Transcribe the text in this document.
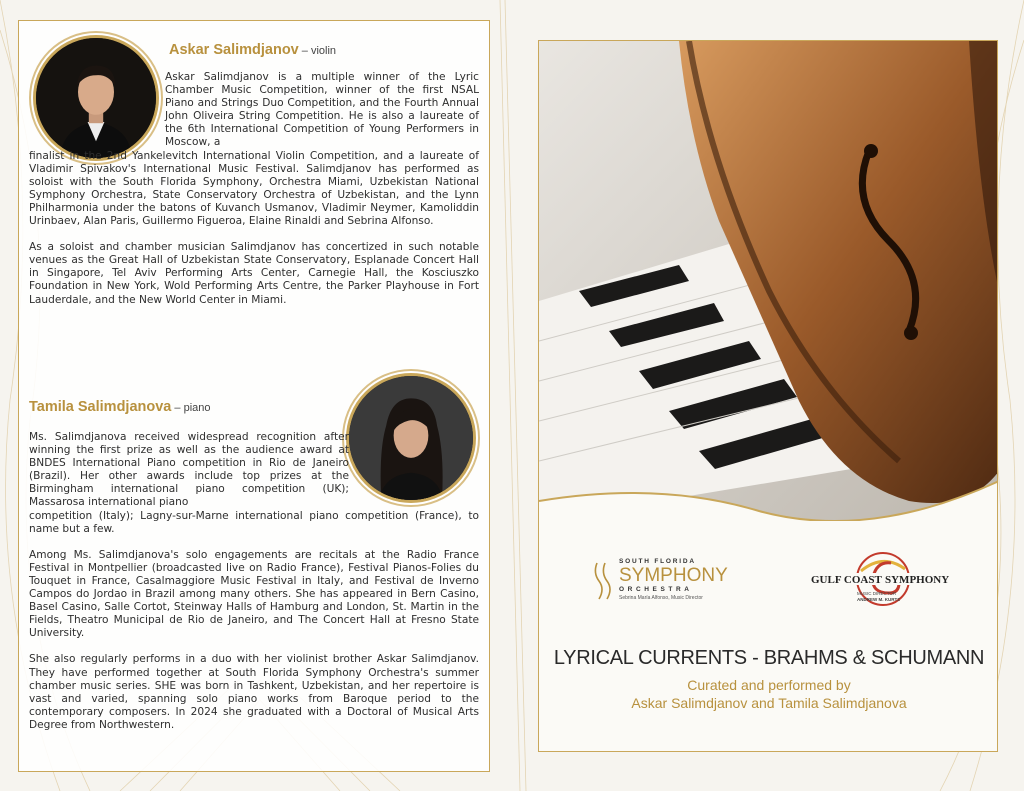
Askar Salimdjanov – violin

Askar Salimdjanov is a multiple winner of the Lyric Chamber Music Competition, winner of the first NSAL Piano and Strings Duo Competition, and the Fourth Annual John Oliveira String Competition. He is also a laureate of the 6th International Competition of Young Performers in Moscow, a

finalist in the 2nd Yankelevitch International Violin Competition, and a laureate of Vladimir Spivakov's International Music Festival. Salimdjanov has performed as soloist with the South Florida Symphony, Orchestra Miami, Uzbekistan National Symphony Orchestra, State Conservatory Orchestra of Uzbekistan, and the Lynn Philharmonia under the batons of Kuvanch Usmanov, Vladimir Neymer, Kamoliddin Urinbaev, Alan Paris, Guillermo Figueroa, Elaine Rinaldi and Sebrina Alfonso.

As a soloist and chamber musician Salimdjanov has concertized in such notable venues as the Great Hall of Uzbekistan State Conservatory, Esplanade Concert Hall in Singapore, Tel Aviv Performing Arts Center, Carnegie Hall, the Kosciuszko Foundation in New York, Wold Performing Arts Centre, the Parker Playhouse in Fort Lauderdale, and the New World Center in Miami.

Tamila Salimdjanova – piano

Ms. Salimdjanova received widespread recognition after winning the first prize as well as the audience award at BNDES International Piano competition in Rio de Janeiro (Brazil). Her other awards include top prizes at the Birmingham international piano competition (UK); Massarosa international piano

competition (Italy); Lagny-sur-Marne international piano competition (France), to name but a few.

Among Ms. Salimdjanova's solo engagements are recitals at the Radio France Festival in Montpellier (broadcasted live on Radio France), Festival Pianos-Folies du Touquet in France, Casalmaggiore Music Festival in Italy, and Festival de Inverno Campos do Jordao in Brazil among many others. She has appeared in Bern Casino, Basel Casino, Salle Cortot, Steinway Halls of Hamburg and London, St. Martin in the Fields, Theatro Municipal de Rio de Janeiro, and The Concert Hall at Fresno State University.

She also regularly performs in a duo with her violinist brother Askar Salimdjanov. They have performed together at South Florida Symphony Orchestra's summer chamber music series. SHE was born in Tashkent, Uzbekistan, and her repertoire is vast and varied, spanning solo piano works from Baroque period to the contemporary composers. In 2024 she graduated with a Doctoral of Musical Arts Degree from Northwestern.

SOUTH FLORIDA
SYMPHONY
ORCHESTRA
Sebrina María Alfonso, Music Director
GULF COAST SYMPHONY
MUSIC DIRECTOR
ANDREW M. KURTZ
LYRICAL CURRENTS - BRAHMS & SCHUMANN
Curated and performed by
Askar Salimdjanov and Tamila Salimdjanova
